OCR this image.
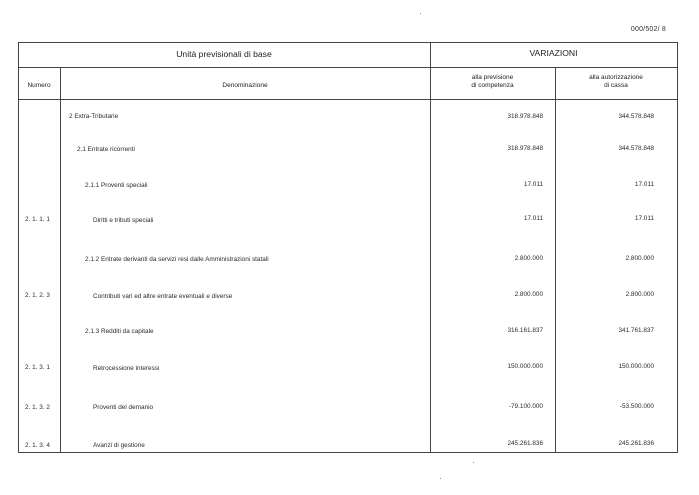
000/502/ 8
Unità previsionali di base	VARIAZIONI
Numero	Denominazione
alla previsione
di competenza
alla autorizzazione
di cassa
2 Extra-Tributarie	318.978.848	344.578.848
2.1 Entrate ricorrenti	318.978.848	344.578.848
2.1.1 Proventi speciali	17.011	17.011
2. 1. 1. 1	Diritti e tributi speciali	17.011	17.011
2.1.2 Entrate derivanti da servizi resi dalle Amministrazioni statali	2.800.000	2.800.000
2. 1. 2. 3	Contributi vari ed altre entrate eventuali e diverse	2.800.000	2.800.000
2.1.3 Redditi da capitale	316.161.837	341.761.837
2. 1. 3. 1	Retrocessione interessi	150.000.000	150.000.000
2. 1. 3. 2	Proventi del demanio	-79.100.000	-53.500.000
2. 1. 3. 4	Avanzi di gestione	245.261.836	245.261.836
